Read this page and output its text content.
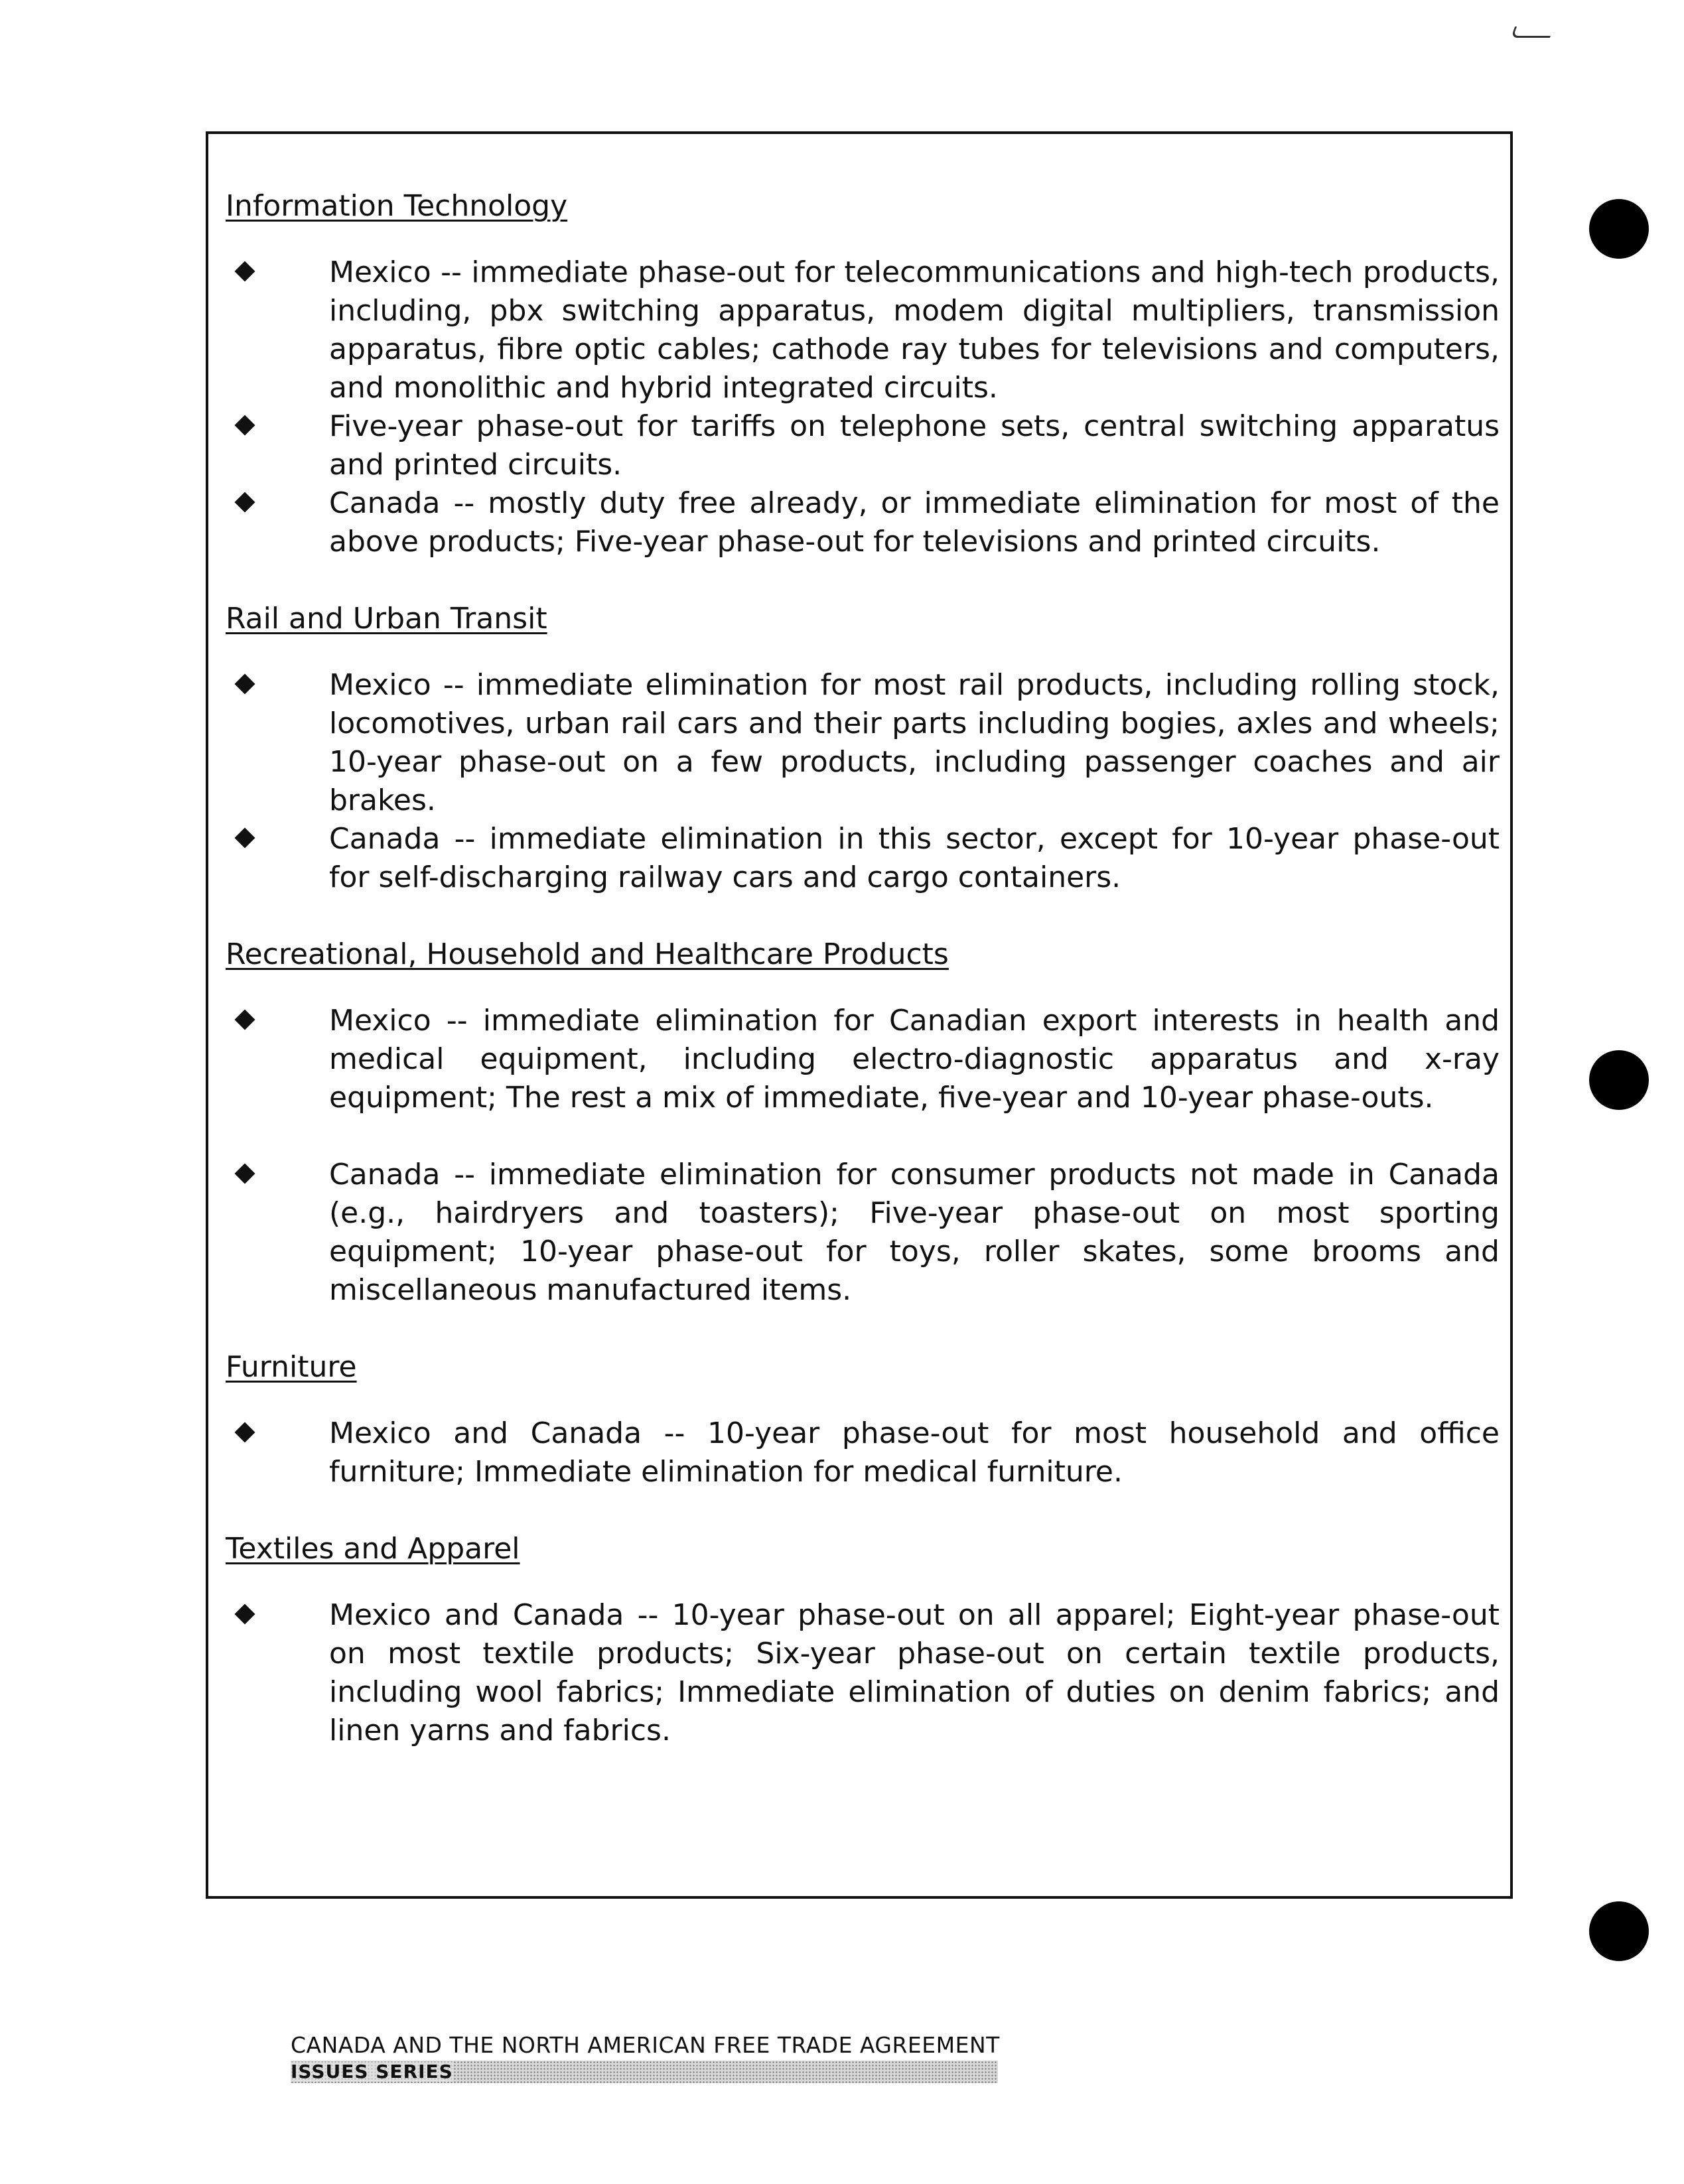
Information Technology
Mexico -- immediate phase-out for telecommunications and high-tech products, including, pbx switching apparatus, modem digital multipliers, transmission apparatus, fibre optic cables; cathode ray tubes for televisions and computers, and monolithic and hybrid integrated circuits.
Five-year phase-out for tariffs on telephone sets, central switching apparatus and printed circuits.
Canada -- mostly duty free already, or immediate elimination for most of the above products; Five-year phase-out for televisions and printed circuits.
Rail and Urban Transit
Mexico -- immediate elimination for most rail products, including rolling stock, locomotives, urban rail cars and their parts including bogies, axles and wheels; 10-year phase-out on a few products, including passenger coaches and air brakes.
Canada -- immediate elimination in this sector, except for 10-year phase-out for self-discharging railway cars and cargo containers.
Recreational, Household and Healthcare Products
Mexico -- immediate elimination for Canadian export interests in health and medical equipment, including electro-diagnostic apparatus and x-ray equipment; The rest a mix of immediate, five-year and 10-year phase-outs.
Canada -- immediate elimination for consumer products not made in Canada (e.g., hairdryers and toasters); Five-year phase-out on most sporting equipment; 10-year phase-out for toys, roller skates, some brooms and miscellaneous manufactured items.
Furniture
Mexico and Canada -- 10-year phase-out for most household and office furniture; Immediate elimination for medical furniture.
Textiles and Apparel
Mexico and Canada -- 10-year phase-out on all apparel; Eight-year phase-out on most textile products; Six-year phase-out on certain textile products, including wool fabrics; Immediate elimination of duties on denim fabrics; and linen yarns and fabrics.
CANADA AND THE NORTH AMERICAN FREE TRADE AGREEMENT
ISSUES SERIES
